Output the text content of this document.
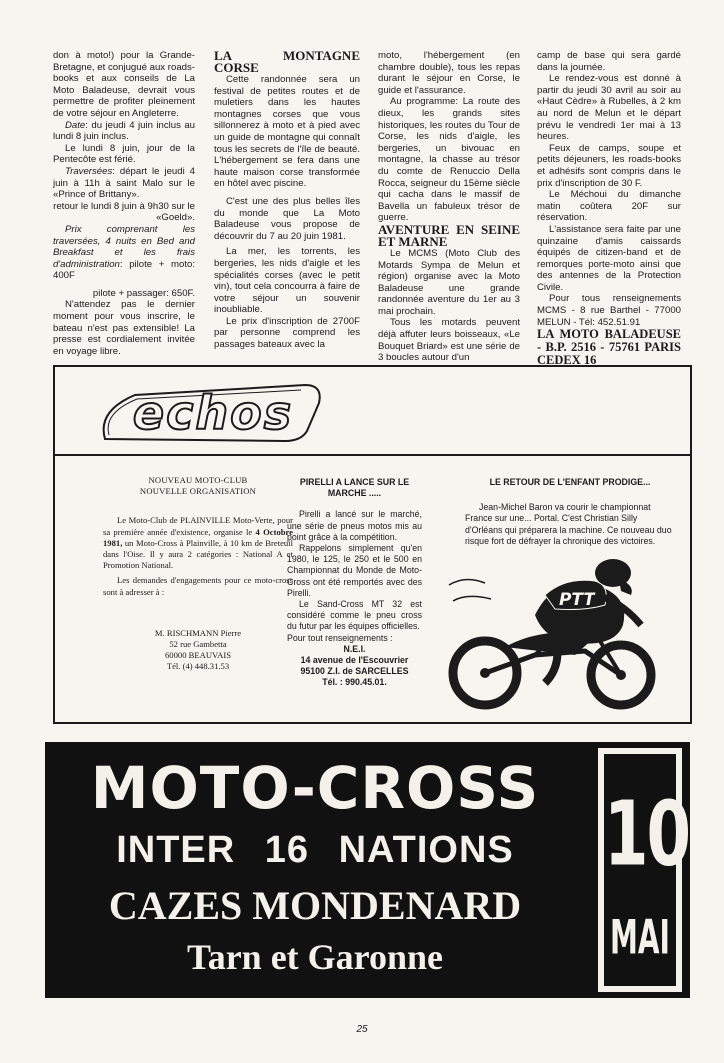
don à moto!) pour la Grande-Bretagne, et conjugué aux roads-books et aux conseils de La Moto Baladeuse, devrait vous permettre de profiter pleinement de votre séjour en Angleterre.

Date: du jeudi 4 juin inclus au lundi 8 juin inclus.

Le lundi 8 juin, jour de la Pentecôte est férié.

Traversées: départ le jeudi 4 juin à 11h à saint Malo sur le «Prince of Brittany».

retour le lundi 8 juin à 9h30 sur le «Goeld».

Prix comprenant les traversées, 4 nuits en Bed and Breakfast et les frais d'administration: pilote + moto: 400F

pilote + passager: 650F.

N'attendez pas le dernier moment pour vous inscrire, le bateau n'est pas extensible! La presse est cordialement invitée en voyage libre.

LA	MONTAGNE
CORSE

Cette randonnée sera un festival de petites routes et de muletiers dans les hautes montagnes corses que vous sillonnerez à moto et à pied avec un guide de montagne qui connaît tous les secrets de l'île de beauté. L'hébergement se fera dans une haute maison corse transformée en hôtel avec piscine.

C'est une des plus belles îles du monde que La Moto Baladeuse vous propose de découvrir du 7 au 20 juin 1981.

La mer, les torrents, les bergeries, les nids d'aigle et les spécialités corses (avec le petit vin), tout cela concourra à faire de votre séjour un souvenir inoubliable.

Le prix d'inscription de 2700F par personne comprend les passages bateaux avec la

moto, l'hébergement (en chambre double), tous les repas durant le séjour en Corse, le guide et l'assurance.

Au programme: La route des dieux, les grands sites historiques, les routes du Tour de Corse, les nids d'aigle, les bergeries, un bivouac en montagne, la chasse au trésor du comte de Renuccio Della Rocca, seigneur du 15ème siècle qui cacha dans le massif de Bavella un fabuleux trésor de guerre.

AVENTURE EN SEINE ET MARNE

Le MCMS (Moto Club des Motards Sympa de Melun et région) organise avec la Moto Baladeuse une grande randonnée aventure du 1er au 3 mai prochain.

Tous les motards peuvent déjà affuter leurs boisseaux, «Le Bouquet Briard» est une série de 3 boucles autour d'un

camp de base qui sera gardé dans la journée.

Le rendez-vous est donné à partir du jeudi 30 avril au soir au «Haut Cèdre» à Rubelles, à 2 km au nord de Melun et le départ prévu le vendredi 1er mai à 13 heures.

Feux de camps, soupe et petits déjeuners, les roads-books et adhésifs sont compris dans le prix d'inscription de 30 F.

Le Méchoui du dimanche matin coûtera 20F sur réservation.

L'assistance sera faite par une quinzaine d'amis caissards équipés de citizen-band et de remorques porte-moto ainsi que des antennes de la Protection Civile.

Pour tous renseignements MCMS - 8 rue Barthel - 77000 MELUN - Tél: 452.51.91

LA MOTO BALADEUSE - B.P. 2516 - 75761 PARIS CEDEX 16

echos
NOUVEAU MOTO-CLUB
NOUVELLE ORGANISATION

Le Moto-Club de PLAINVILLE Moto-Verte, pour sa première année d'existence, organise le 4 Octobre 1981, un Moto-Cross à Plainville, à 10 km de Breteuil dans l'Oise. Il y aura 2 catégories : National A et Promotion National.

Les demandes d'engagements pour ce moto-cross sont à adresser à :

M. RISCHMANN Pierre
52 rue Gambetta
60000 BEAUVAIS
Tél. (4) 448.31.53
PIRELLI A LANCE SUR LE MARCHE .....

Pirelli a lancé sur le marché, une série de pneus motos mis au point grâce à la compétition.

Rappelons simplement qu'en 1980, le 125, le 250 et le 500 en Championnat du Monde de Moto-Cross ont été remportés avec des Pirelli.

Le Sand-Cross MT 32 est considéré comme le pneu cross du futur par les équipes officielles.

Pour tout renseignements :

N.E.I.
14 avenue de l'Escouvrier
95100 Z.I. de SARCELLES
Tél. : 990.45.01.
LE RETOUR DE L'ENFANT PRODIGE...

Jean-Michel Baron va courir le championnat France sur une... Portal. C'est Christian Silly d'Orléans qui préparera la machine. Ce nouveau duo risque fort de défrayer la chronique des victoires.

PTT
MOTO-CROSS
INTER 16 NATIONS
CAZES MONDENARD
Tarn et Garonne
10
MAI
25
